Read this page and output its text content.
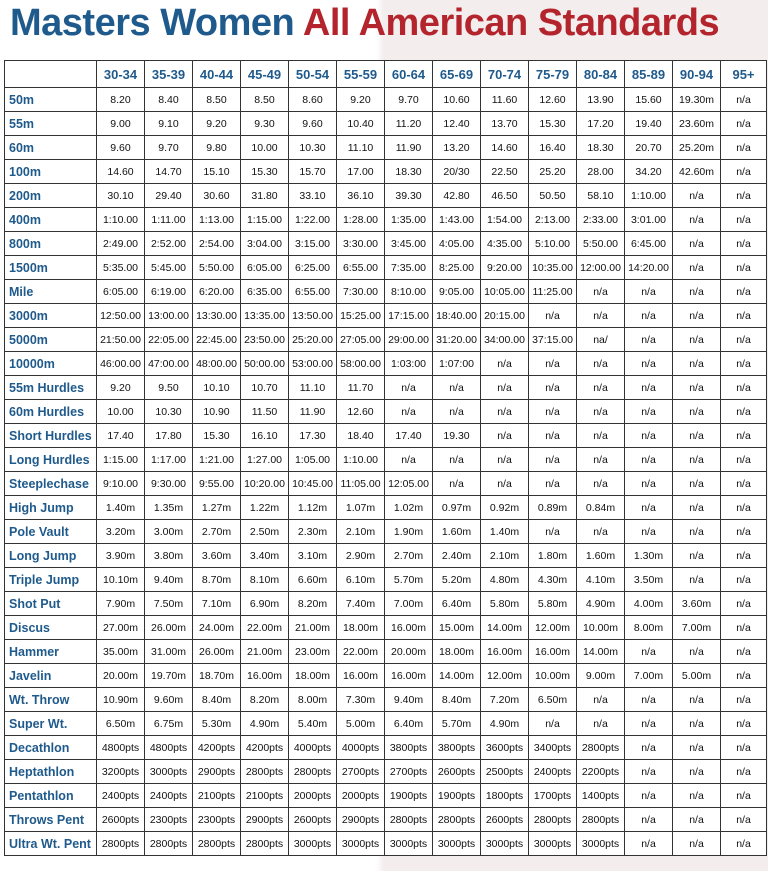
Masters Women All American Standards
	30-34	35-39	40-44	45-49	50-54	55-59	60-64	65-69	70-74	75-79	80-84	85-89	90-94	95+
50m	8.20	8.40	8.50	8.50	8.60	9.20	9.70	10.60	11.60	12.60	13.90	15.60	19.30m	n/a
55m	9.00	9.10	9.20	9.30	9.60	10.40	11.20	12.40	13.70	15.30	17.20	19.40	23.60m	n/a
60m	9.60	9.70	9.80	10.00	10.30	11.10	11.90	13.20	14.60	16.40	18.30	20.70	25.20m	n/a
100m	14.60	14.70	15.10	15.30	15.70	17.00	18.30	20/30	22.50	25.20	28.00	34.20	42.60m	n/a
200m	30.10	29.40	30.60	31.80	33.10	36.10	39.30	42.80	46.50	50.50	58.10	1:10.00	n/a	n/a
400m	1:10.00	1:11.00	1:13.00	1:15.00	1:22.00	1:28.00	1:35.00	1:43.00	1:54.00	2:13.00	2:33.00	3:01.00	n/a	n/a
800m	2:49.00	2:52.00	2:54.00	3:04.00	3:15.00	3:30.00	3:45.00	4:05.00	4:35.00	5:10.00	5:50.00	6:45.00	n/a	n/a
1500m	5:35.00	5:45.00	5:50.00	6:05.00	6:25.00	6:55.00	7:35.00	8:25.00	9:20.00	10:35.00	12:00.00	14:20.00	n/a	n/a
Mile	6:05.00	6:19.00	6:20.00	6:35.00	6:55.00	7:30.00	8:10.00	9:05.00	10:05.00	11:25.00	n/a	n/a	n/a	n/a
3000m	12:50.00	13:00.00	13:30.00	13:35.00	13:50.00	15:25.00	17:15.00	18:40.00	20:15.00	n/a	n/a	n/a	n/a	n/a
5000m	21:50.00	22:05.00	22:45.00	23:50.00	25:20.00	27:05.00	29:00.00	31:20.00	34:00.00	37:15.00	na/	n/a	n/a	n/a
10000m	46:00.00	47:00.00	48:00.00	50:00.00	53:00.00	58:00.00	1:03:00	1:07:00	n/a	n/a	n/a	n/a	n/a	n/a
55m Hurdles	9.20	9.50	10.10	10.70	11.10	11.70	n/a	n/a	n/a	n/a	n/a	n/a	n/a	n/a
60m Hurdles	10.00	10.30	10.90	11.50	11.90	12.60	n/a	n/a	n/a	n/a	n/a	n/a	n/a	n/a
Short Hurdles	17.40	17.80	15.30	16.10	17.30	18.40	17.40	19.30	n/a	n/a	n/a	n/a	n/a	n/a
Long Hurdles	1:15.00	1:17.00	1:21.00	1:27.00	1:05.00	1:10.00	n/a	n/a	n/a	n/a	n/a	n/a	n/a	n/a
Steeplechase	9:10.00	9:30.00	9:55.00	10:20.00	10:45.00	11:05.00	12:05.00	n/a	n/a	n/a	n/a	n/a	n/a	n/a
High Jump	1.40m	1.35m	1.27m	1.22m	1.12m	1.07m	1.02m	0.97m	0.92m	0.89m	0.84m	n/a	n/a	n/a
Pole Vault	3.20m	3.00m	2.70m	2.50m	2.30m	2.10m	1.90m	1.60m	1.40m	n/a	n/a	n/a	n/a	n/a
Long Jump	3.90m	3.80m	3.60m	3.40m	3.10m	2.90m	2.70m	2.40m	2.10m	1.80m	1.60m	1.30m	n/a	n/a
Triple Jump	10.10m	9.40m	8.70m	8.10m	6.60m	6.10m	5.70m	5.20m	4.80m	4.30m	4.10m	3.50m	n/a	n/a
Shot Put	7.90m	7.50m	7.10m	6.90m	8.20m	7.40m	7.00m	6.40m	5.80m	5.80m	4.90m	4.00m	3.60m	n/a
Discus	27.00m	26.00m	24.00m	22.00m	21.00m	18.00m	16.00m	15.00m	14.00m	12.00m	10.00m	8.00m	7.00m	n/a
Hammer	35.00m	31.00m	26.00m	21.00m	23.00m	22.00m	20.00m	18.00m	16.00m	16.00m	14.00m	n/a	n/a	n/a
Javelin	20.00m	19.70m	18.70m	16.00m	18.00m	16.00m	16.00m	14.00m	12.00m	10.00m	9.00m	7.00m	5.00m	n/a
Wt. Throw	10.90m	9.60m	8.40m	8.20m	8.00m	7.30m	9.40m	8.40m	7.20m	6.50m	n/a	n/a	n/a	n/a
Super Wt.	6.50m	6.75m	5.30m	4.90m	5.40m	5.00m	6.40m	5.70m	4.90m	n/a	n/a	n/a	n/a	n/a
Decathlon	4800pts	4800pts	4200pts	4200pts	4000pts	4000pts	3800pts	3800pts	3600pts	3400pts	2800pts	n/a	n/a	n/a
Heptathlon	3200pts	3000pts	2900pts	2800pts	2800pts	2700pts	2700pts	2600pts	2500pts	2400pts	2200pts	n/a	n/a	n/a
Pentathlon	2400pts	2400pts	2100pts	2100pts	2000pts	2000pts	1900pts	1900pts	1800pts	1700pts	1400pts	n/a	n/a	n/a
Throws Pent	2600pts	2300pts	2300pts	2900pts	2600pts	2900pts	2800pts	2800pts	2600pts	2800pts	2800pts	n/a	n/a	n/a
Ultra Wt. Pent	2800pts	2800pts	2800pts	2800pts	3000pts	3000pts	3000pts	3000pts	3000pts	3000pts	3000pts	n/a	n/a	n/a
